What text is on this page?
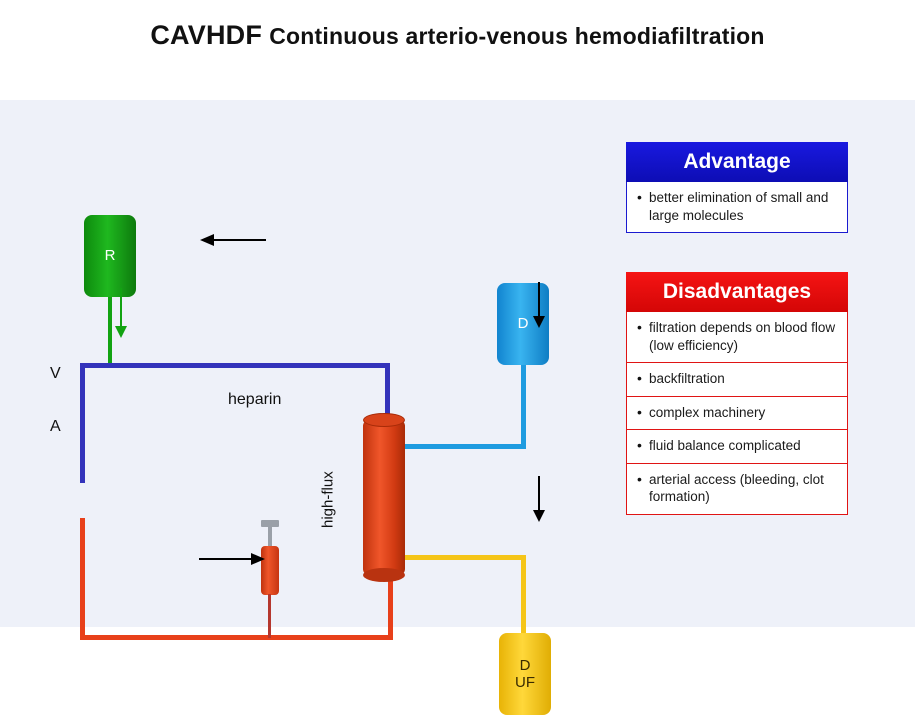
CAVHDF Continuous arterio-venous hemodiafiltration
R
D
D
UF
high-flux
heparin
V
A
Advantage
• better elimination of small and large molecules
Disadvantages
• filtration depends on blood flow (low efficiency)
• backfiltration
• complex machinery
• fluid balance complicated
• arterial access (bleeding, clot formation)
